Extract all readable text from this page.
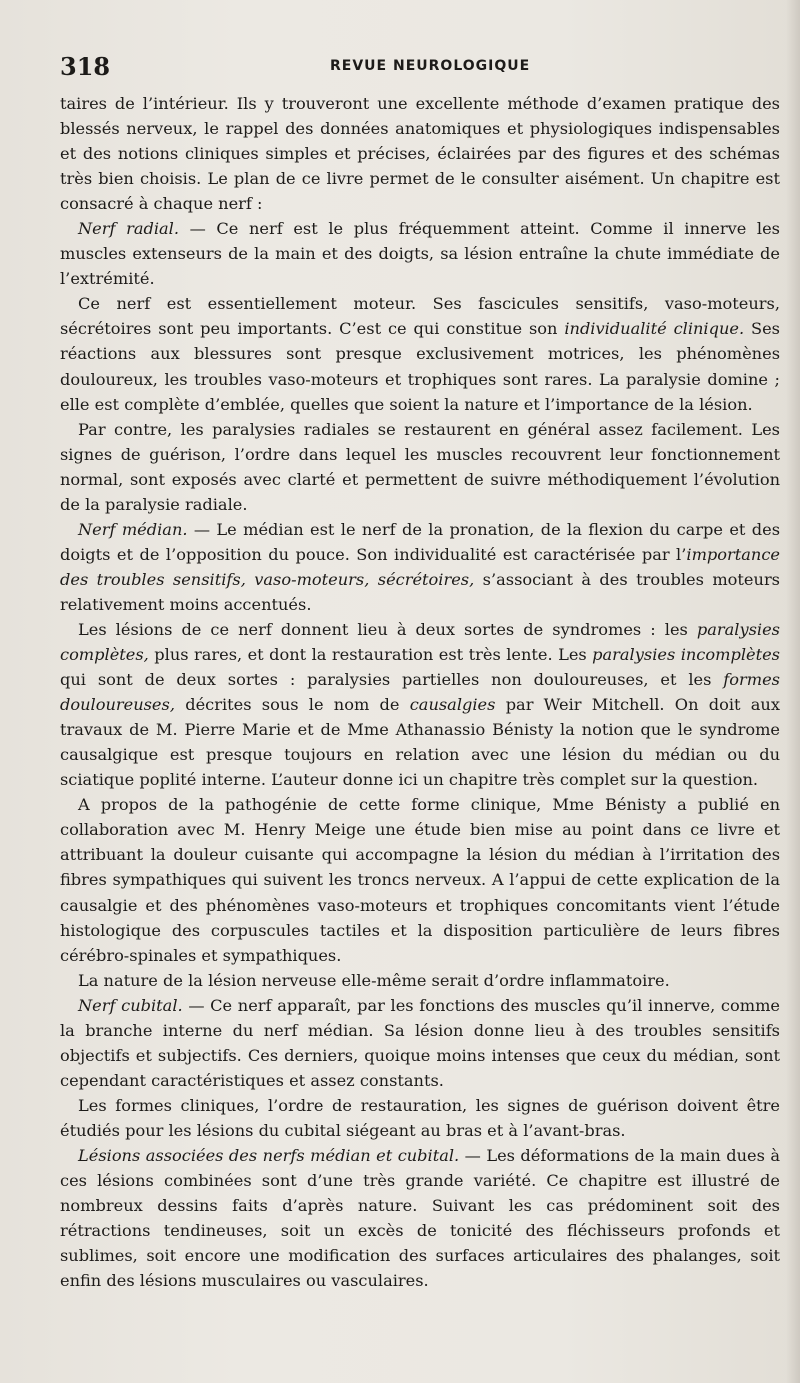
318	REVUE NEUROLOGIQUE

taires de l’intérieur. Ils y trouveront une excellente méthode d’examen pratique des blessés nerveux, le rappel des données anatomiques et physiologiques indispensables et des notions cliniques simples et précises, éclairées par des figures et des schémas très bien choisis. Le plan de ce livre permet de le consulter aisément. Un chapitre est consacré à chaque nerf :

Nerf radial. — Ce nerf est le plus fréquemment atteint. Comme il innerve les muscles extenseurs de la main et des doigts, sa lésion entraîne la chute immédiate de l’extrémité.

Ce nerf est essentiellement moteur. Ses fascicules sensitifs, vaso-moteurs, sécrétoires sont peu importants. C’est ce qui constitue son individualité clinique. Ses réactions aux blessures sont presque exclusivement motrices, les phénomènes douloureux, les troubles vaso-moteurs et trophiques sont rares. La paralysie domine ; elle est complète d’emblée, quelles que soient la nature et l’importance de la lésion.

Par contre, les paralysies radiales se restaurent en général assez facilement. Les signes de guérison, l’ordre dans lequel les muscles recouvrent leur fonctionnement normal, sont exposés avec clarté et permettent de suivre méthodiquement l’évolution de la paralysie radiale.

Nerf médian. — Le médian est le nerf de la pronation, de la flexion du carpe et des doigts et de l’opposition du pouce. Son individualité est caractérisée par l’importance des troubles sensitifs, vaso-moteurs, sécrétoires, s’associant à des troubles moteurs relativement moins accentués.

Les lésions de ce nerf donnent lieu à deux sortes de syndromes : les paralysies complètes, plus rares, et dont la restauration est très lente. Les paralysies incomplètes qui sont de deux sortes : paralysies partielles non douloureuses, et les formes douloureuses, décrites sous le nom de causalgies par Weir Mitchell. On doit aux travaux de M. Pierre Marie et de Mme Athanassio Bénisty la notion que le syndrome causalgique est presque toujours en relation avec une lésion du médian ou du sciatique poplité interne. L’auteur donne ici un chapitre très complet sur la question.

A propos de la pathogénie de cette forme clinique, Mme Bénisty a publié en collaboration avec M. Henry Meige une étude bien mise au point dans ce livre et attribuant la douleur cuisante qui accompagne la lésion du médian à l’irritation des fibres sympathiques qui suivent les troncs nerveux. A l’appui de cette explication de la causalgie et des phénomènes vaso-moteurs et trophiques concomitants vient l’étude histologique des corpuscules tactiles et la disposition particulière de leurs fibres cérébro-spinales et sympathiques.

La nature de la lésion nerveuse elle-même serait d’ordre inflammatoire.

Nerf cubital. — Ce nerf apparaît, par les fonctions des muscles qu’il innerve, comme la branche interne du nerf médian. Sa lésion donne lieu à des troubles sensitifs objectifs et subjectifs. Ces derniers, quoique moins intenses que ceux du médian, sont cependant caractéristiques et assez constants.

Les formes cliniques, l’ordre de restauration, les signes de guérison doivent être étudiés pour les lésions du cubital siégeant au bras et à l’avant-bras.

Lésions associées des nerfs médian et cubital. — Les déformations de la main dues à ces lésions combinées sont d’une très grande variété. Ce chapitre est illustré de nombreux dessins faits d’après nature. Suivant les cas prédominent soit des rétractions tendineuses, soit un excès de tonicité des fléchisseurs profonds et sublimes, soit encore une modification des surfaces articulaires des phalanges, soit enfin des lésions musculaires ou vasculaires.
